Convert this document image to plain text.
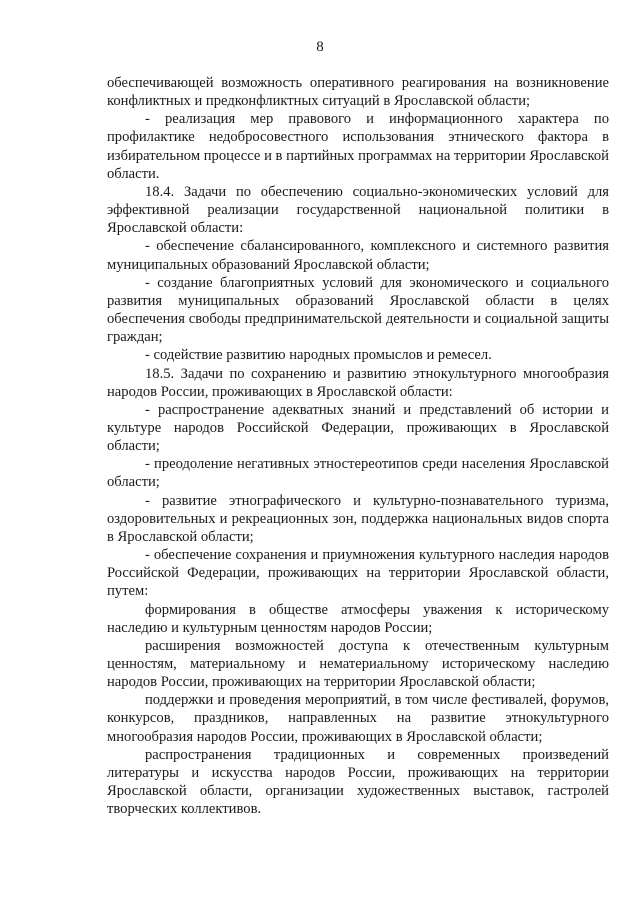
8

обеспечивающей возможность оперативного реагирования на возникновение конфликтных и предконфликтных ситуаций в Ярославской области;

- реализация мер правового и информационного характера по профилактике недобросовестного использования этнического фактора в избирательном процессе и в партийных программах на территории Ярославской области.

18.4. Задачи по обеспечению социально-экономических условий для эффективной реализации государственной национальной политики в Ярославской области:

- обеспечение сбалансированного, комплексного и системного развития муниципальных образований Ярославской области;

- создание благоприятных условий для экономического и социального развития муниципальных образований Ярославской области в целях обеспечения свободы предпринимательской деятельности и социальной защиты граждан;

- содействие развитию народных промыслов и ремесел.

18.5. Задачи по сохранению и развитию этнокультурного многообразия народов России, проживающих в Ярославской области:

- распространение адекватных знаний и представлений об истории и культуре народов Российской Федерации, проживающих в Ярославской области;

- преодоление негативных этностереотипов среди населения Ярославской области;

- развитие этнографического и культурно-познавательного туризма, оздоровительных и рекреационных зон, поддержка национальных видов спорта в Ярославской области;

- обеспечение сохранения и приумножения культурного наследия народов Российской Федерации, проживающих на территории Ярославской области, путем:

формирования в обществе атмосферы уважения к историческому наследию и культурным ценностям народов России;

расширения возможностей доступа к отечественным культурным ценностям, материальному и нематериальному историческому наследию народов России, проживающих на территории Ярославской области;

поддержки и проведения мероприятий, в том числе фестивалей, форумов, конкурсов, праздников, направленных на развитие этнокультурного многообразия народов России, проживающих в Ярославской области;

распространения традиционных и современных произведений литературы и искусства народов России, проживающих на территории Ярославской области, организации художественных выставок, гастролей творческих коллективов.
